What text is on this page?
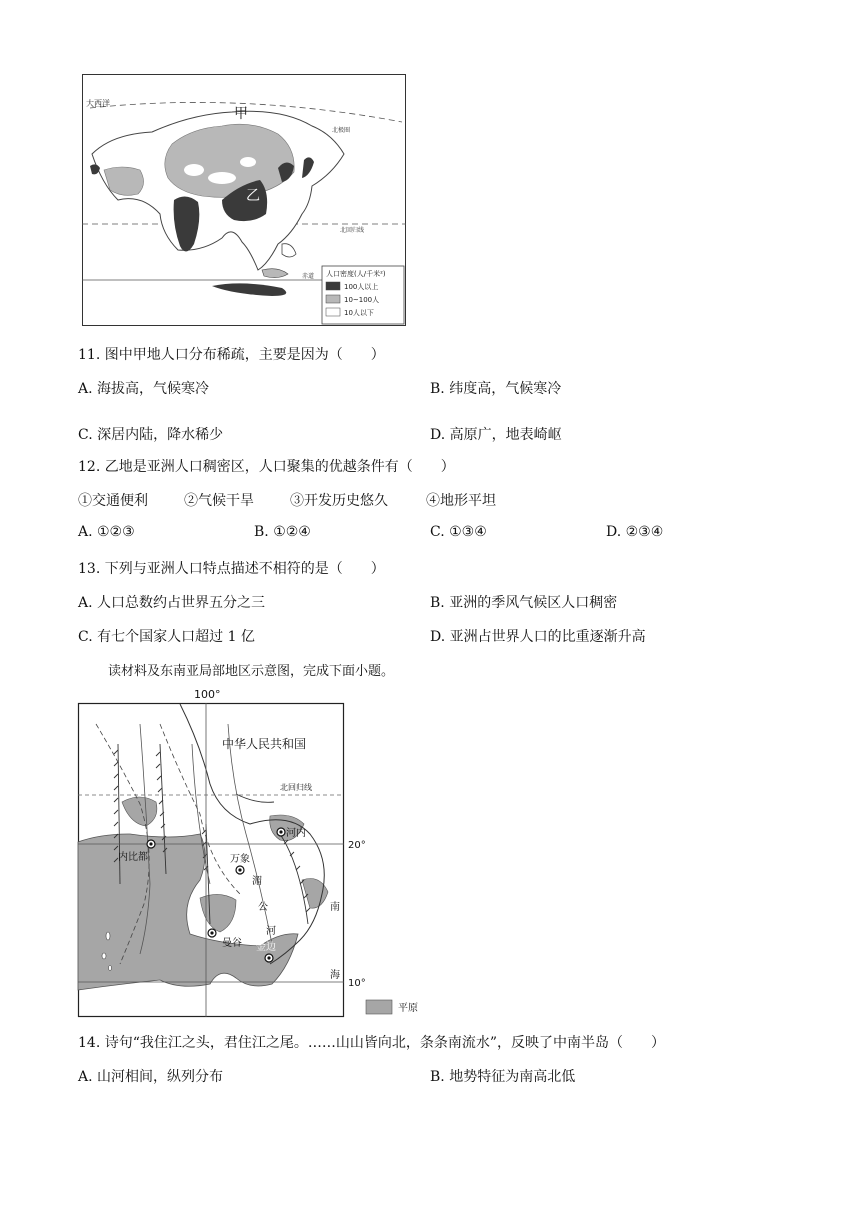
大西洋
甲
乙
北极圈
北回归线
赤道 人口密度(人/千米²)
100人以上
10~100人
10人以下
11. 图中甲地人口分布稀疏，主要是因为（　　）
A. 海拔高，气候寒冷	B. 纬度高，气候寒冷
C. 深居内陆，降水稀少	D. 高原广，地表崎岖
12. 乙地是亚洲人口稠密区，人口聚集的优越条件有（　　）
①交通便利	②气候干旱	③开发历史悠久	④地形平坦
A. ①②③	B. ①②④	C. ①③④	D. ②③④
13. 下列与亚洲人口特点描述不相符的是（　　）
A. 人口总数约占世界五分之三	B. 亚洲的季风气候区人口稠密
C. 有七个国家人口超过 1 亿	D. 亚洲占世界人口的比重逐渐升高
读材料及东南亚局部地区示意图，完成下面小题。
100°
中华人民共和国
北回归线
20°
10°
河内
内比都	万象
曼谷 金边
湄
公
河
南
海
平原
14. 诗句“我住江之头，君住江之尾。……山山皆向北，条条南流水”，反映了中南半岛（　　）
A. 山河相间，纵列分布	B. 地势特征为南高北低
